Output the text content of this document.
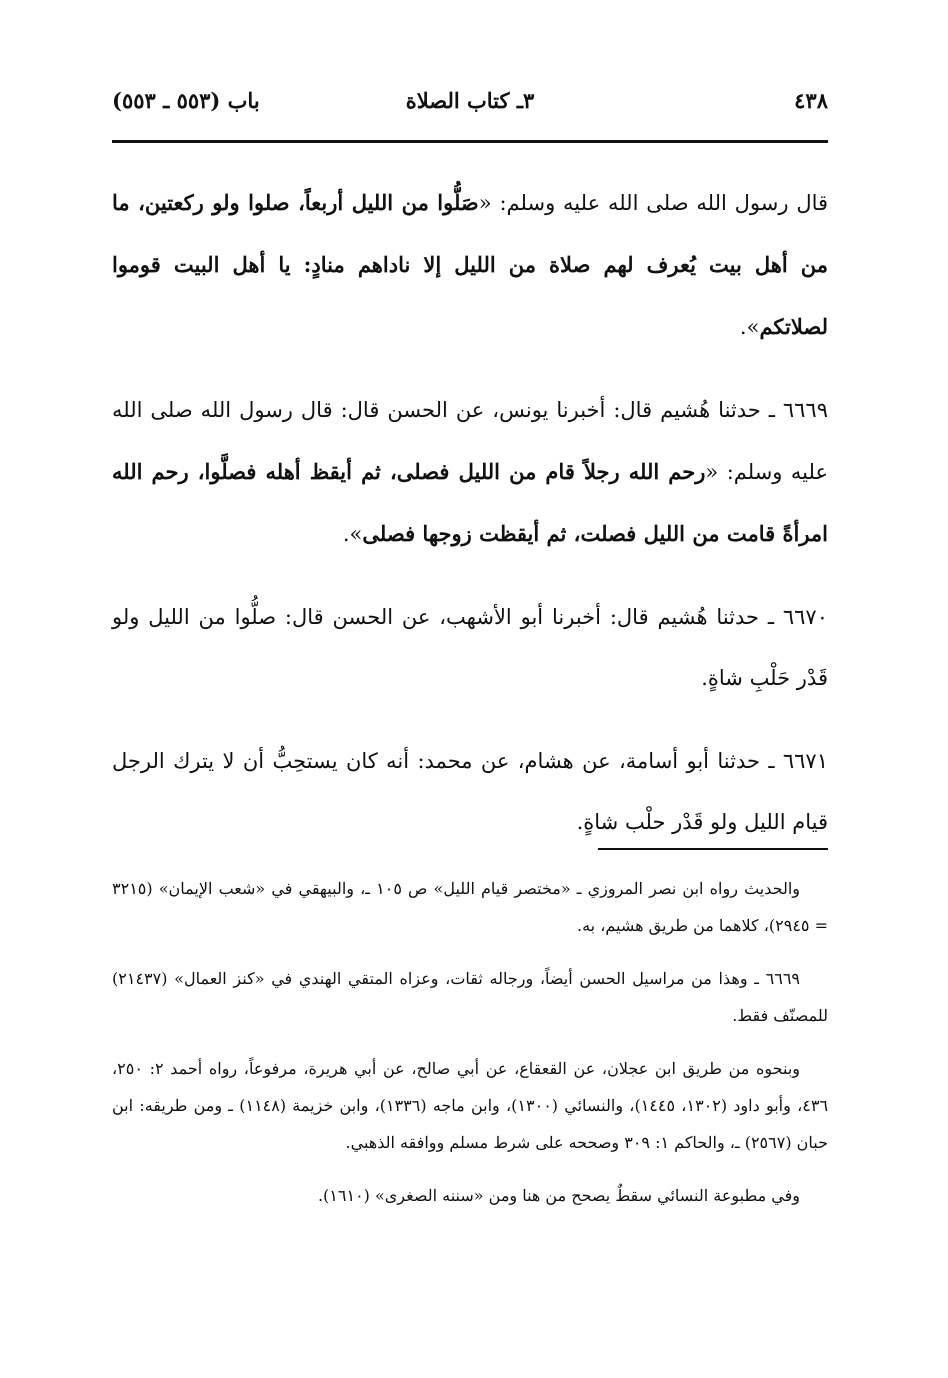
٤٣٨
٣ـ كتاب الصلاة
باب (٥٥٣ ـ ٥٥٣)

قال رسول الله صلى الله عليه وسلم: «صَلُّوا من الليل أربعاً، صلوا ولو ركعتين، ما من أهل بيت يُعرف لهم صلاة من الليل إلا ناداهم منادٍ: يا أهل البيت قوموا لصلاتكم».

٦٦٦٩ ـ حدثنا هُشيم قال: أخبرنا يونس، عن الحسن قال: قال رسول الله صلى الله عليه وسلم: «رحم الله رجلاً قام من الليل فصلى، ثم أيقظ أهله فصلَّوا، رحم الله امرأةً قامت من الليل فصلت، ثم أيقظت زوجها فصلى».

٦٦٧٠ ـ حدثنا هُشيم قال: أخبرنا أبو الأشهب، عن الحسن قال: صلُّوا من الليل ولو قَدْر حَلْبِ شاةٍ.

٦٦٧١ ـ حدثنا أبو أسامة، عن هشام، عن محمد: أنه كان يستحِبُّ أن لا يترك الرجل قيام الليل ولو قَدْر حلْب شاةٍ.

والحديث رواه ابن نصر المروزي ـ «مختصر قيام الليل» ص ١٠٥ ـ، والبيهقي في «شعب الإيمان» (٣٢١٥ = ٢٩٤٥)، كلاهما من طريق هشيم، به.

٦٦٦٩ ـ وهذا من مراسيل الحسن أيضاً، ورجاله ثقات، وعزاه المتقي الهندي في «كنز العمال» (٢١٤٣٧) للمصنّف فقط.

وبنحوه من طريق ابن عجلان، عن القعقاع، عن أبي صالح، عن أبي هريرة، مرفوعاً، رواه أحمد ٢: ٢٥٠، ٤٣٦، وأبو داود (١٣٠٢، ١٤٤٥)، والنسائي (١٣٠٠)، وابن ماجه (١٣٣٦)، وابن خزيمة (١١٤٨) ـ ومن طريقه: ابن حبان (٢٥٦٧) ـ، والحاكم ١: ٣٠٩ وصححه على شرط مسلم ووافقه الذهبي.

وفي مطبوعة النسائي سقطٌ يصحح من هنا ومن «سننه الصغرى» (١٦١٠).
